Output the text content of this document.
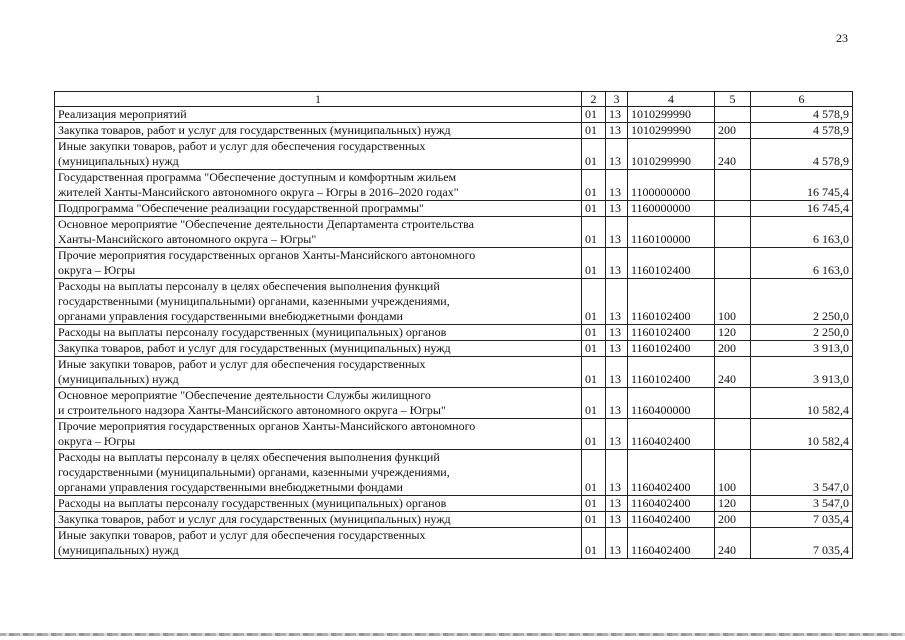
23
1	2	3	4	5	6
Реализация мероприятий	01	13	1010299990		4 578,9
Закупка товаров, работ и услуг для государственных (муниципальных) нужд	01	13	1010299990	200	4 578,9
Иные закупки товаров, работ и услуг для обеспечения государственных
(муниципальных) нужд	01	13	1010299990	240	4 578,9
Государственная программа "Обеспечение доступным и комфортным жильем
жителей Ханты-Мансийского автономного округа – Югры в 2016–2020 годах"	01	13	1100000000		16 745,4
Подпрограмма "Обеспечение реализации государственной программы"	01	13	1160000000		16 745,4
Основное мероприятие "Обеспечение деятельности Департамента строительства
Ханты-Мансийского автономного округа – Югры"	01	13	1160100000		6 163,0
Прочие мероприятия государственных органов Ханты-Мансийского автономного
округа – Югры	01	13	1160102400		6 163,0
Расходы на выплаты персоналу в целях обеспечения выполнения функций
государственными (муниципальными) органами, казенными учреждениями,
органами управления государственными внебюджетными фондами	01	13	1160102400	100	2 250,0
Расходы на выплаты персоналу государственных (муниципальных) органов	01	13	1160102400	120	2 250,0
Закупка товаров, работ и услуг для государственных (муниципальных) нужд	01	13	1160102400	200	3 913,0
Иные закупки товаров, работ и услуг для обеспечения государственных
(муниципальных) нужд	01	13	1160102400	240	3 913,0
Основное мероприятие "Обеспечение деятельности Службы жилищного
и строительного надзора Ханты-Мансийского автономного округа – Югры"	01	13	1160400000		10 582,4
Прочие мероприятия государственных органов Ханты-Мансийского автономного
округа – Югры	01	13	1160402400		10 582,4
Расходы на выплаты персоналу в целях обеспечения выполнения функций
государственными (муниципальными) органами, казенными учреждениями,
органами управления государственными внебюджетными фондами	01	13	1160402400	100	3 547,0
Расходы на выплаты персоналу государственных (муниципальных) органов	01	13	1160402400	120	3 547,0
Закупка товаров, работ и услуг для государственных (муниципальных) нужд	01	13	1160402400	200	7 035,4
Иные закупки товаров, работ и услуг для обеспечения государственных
(муниципальных) нужд	01	13	1160402400	240	7 035,4
